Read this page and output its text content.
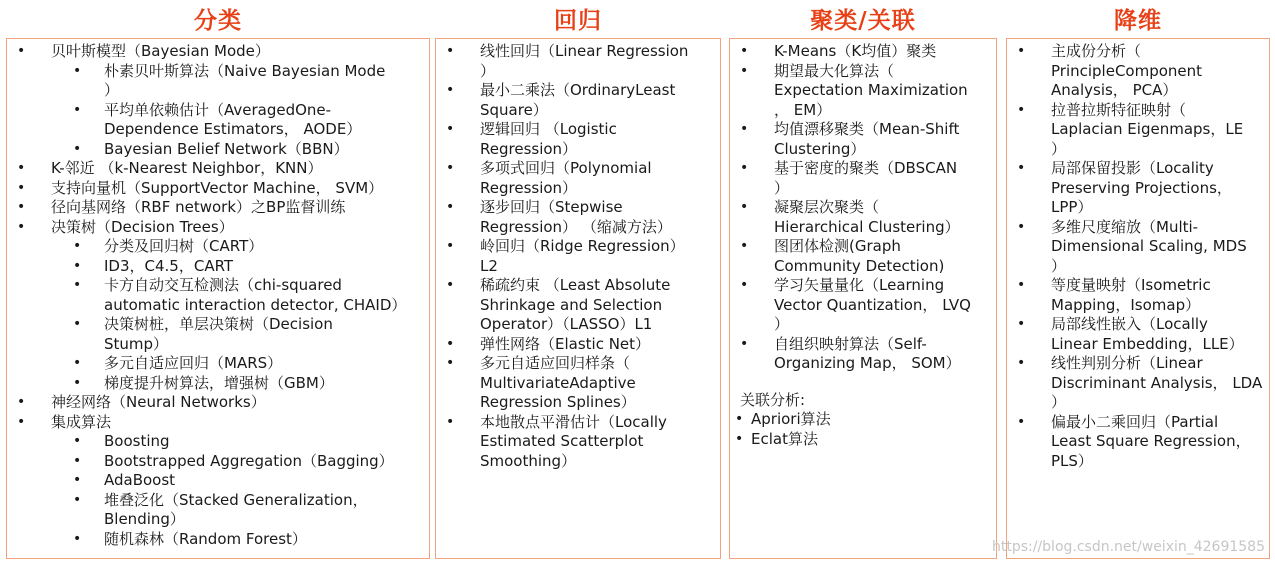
分类	回归	聚类/关联	降维
• 贝叶斯模型（Bayesian Mode）
• 朴素贝叶斯算法（Naive Bayesian Mode
）
• 平均单依赖估计（AveragedOne-
Dependence Estimators， AODE）
• Bayesian Belief Network（BBN）
• K-邻近 （k-Nearest Neighbor，KNN）
• 支持向量机（SupportVector Machine， SVM）
• 径向基网络（RBF network）之BP监督训练
• 决策树（Decision Trees）
• 分类及回归树（CART）
• ID3，C4.5，CART
• 卡方自动交互检测法（chi-squared
automatic interaction detector, CHAID）
• 决策树桩，单层决策树（Decision
Stump）
• 多元自适应回归（MARS）
• 梯度提升树算法，增强树（GBM）
• 神经网络（Neural Networks）
• 集成算法
• Boosting
• Bootstrapped Aggregation（Bagging）
• AdaBoost
• 堆叠泛化（Stacked Generalization，
Blending）
• 随机森林（Random Forest）
• 线性回归（Linear Regression
）
• 最小二乘法（OrdinaryLeast
Square）
• 逻辑回归 （Logistic
Regression）
• 多项式回归（Polynomial
Regression）
• 逐步回归（Stepwise
Regression） （缩减方法）
• 岭回归（Ridge Regression）
L2
• 稀疏约束 （Least Absolute
Shrinkage and Selection
Operator）（LASSO）L1
• 弹性网络（Elastic Net）
• 多元自适应回归样条（
MultivariateAdaptive
Regression Splines）
• 本地散点平滑估计（Locally
Estimated Scatterplot
Smoothing）
• K-Means（K均值）聚类
• 期望最大化算法（
Expectation Maximization
， EM）
• 均值漂移聚类（Mean-Shift
Clustering）
• 基于密度的聚类（DBSCAN
）
• 凝聚层次聚类（
Hierarchical Clustering）
• 图团体检测(Graph
Community Detection)
• 学习矢量量化（Learning
Vector Quantization， LVQ
）
• 自组织映射算法（Self-
Organizing Map， SOM）
关联分析:
• Apriori算法
• Eclat算法
• 主成份分析（
PrincipleComponent
Analysis， PCA）
• 拉普拉斯特征映射（
Laplacian Eigenmaps，LE
）
• 局部保留投影（Locality
Preserving Projections，
LPP）
• 多维尺度缩放（Multi-
Dimensional Scaling, MDS
）
• 等度量映射（Isometric
Mapping，Isomap）
• 局部线性嵌入（Locally
Linear Embedding，LLE）
• 线性判别分析（Linear
Discriminant Analysis， LDA
）
• 偏最小二乘回归（Partial
Least Square Regression，
PLS）
https://blog.csdn.net/weixin_42691585
